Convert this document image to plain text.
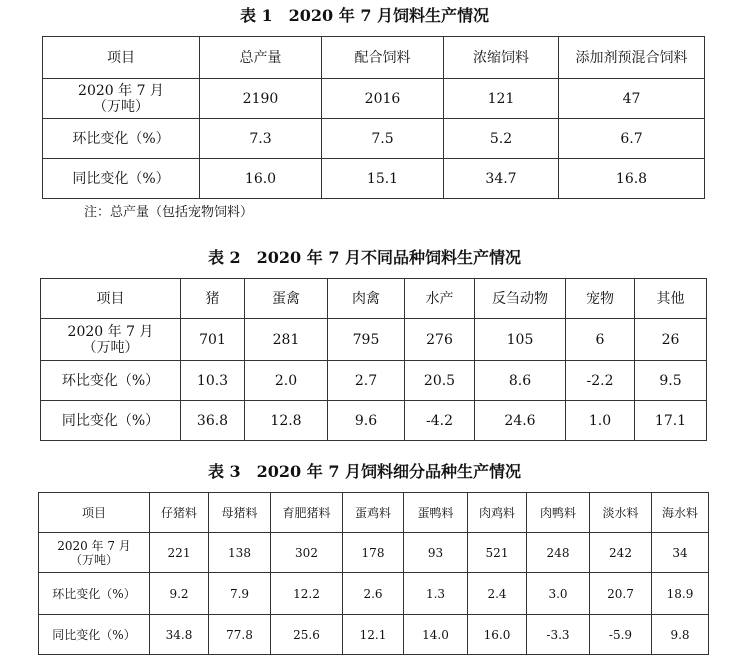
表 1　2020 年 7 月饲料生产情况
项目	总产量	配合饲料	浓缩饲料	添加剂预混合饲料

2020 年 7 月
（万吨）	2190	2016	121	47
环比变化（%）	7.3	7.5	5.2	6.7
同比变化（%）	16.0	15.1	34.7	16.8
注：总产量（包括宠物饲料）
表 2　2020 年 7 月不同品种饲料生产情况
项目	猪	蛋禽	肉禽	水产	反刍动物	宠物	其他

2020 年 7 月
（万吨）	701	281	795	276	105	6	26
环比变化（%）	10.3	2.0	2.7	20.5	8.6	-2.2	9.5
同比变化（%）	36.8	12.8	9.6	-4.2	24.6	1.0	17.1
表 3　2020 年 7 月饲料细分品种生产情况
项目	仔猪料	母猪料	育肥猪料	蛋鸡料	蛋鸭料	肉鸡料	肉鸭料	淡水料	海水料

2020 年 7 月
（万吨）	221	138	302	178	93	521	248	242	34
环比变化（%）	9.2	7.9	12.2	2.6	1.3	2.4	3.0	20.7	18.9
同比变化（%）	34.8	77.8	25.6	12.1	14.0	16.0	-3.3	-5.9	9.8
